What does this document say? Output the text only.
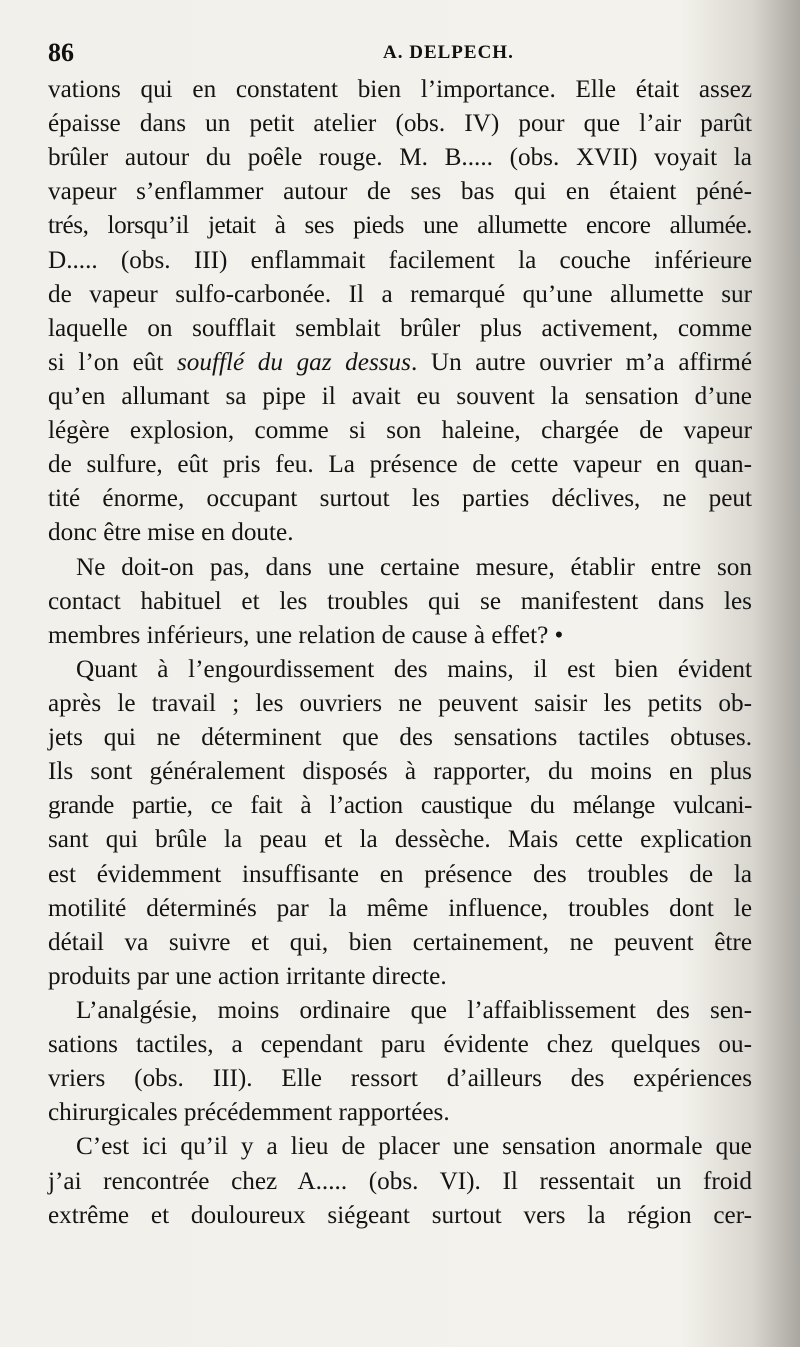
86	A. DELPECH.
vations qui en constatent bien l’importance. Elle était assez
épaisse dans un petit atelier (obs. IV) pour que l’air parût
brûler autour du poêle rouge. M. B..... (obs. XVII) voyait la
vapeur s’enflammer autour de ses bas qui en étaient péné-
trés, lorsqu’il jetait à ses pieds une allumette encore allumée.
D..... (obs. III) enflammait facilement la couche inférieure
de vapeur sulfo-carbonée. Il a remarqué qu’une allumette sur
laquelle on soufflait semblait brûler plus activement, comme
si l’on eût soufflé du gaz dessus. Un autre ouvrier m’a affirmé
qu’en allumant sa pipe il avait eu souvent la sensation d’une
légère explosion, comme si son haleine, chargée de vapeur
de sulfure, eût pris feu. La présence de cette vapeur en quan-
tité énorme, occupant surtout les parties déclives, ne peut
donc être mise en doute.
Ne doit-on pas, dans une certaine mesure, établir entre son
contact habituel et les troubles qui se manifestent dans les
membres inférieurs, une relation de cause à effet? •
Quant à l’engourdissement des mains, il est bien évident
après le travail ; les ouvriers ne peuvent saisir les petits ob-
jets qui ne déterminent que des sensations tactiles obtuses.
Ils sont généralement disposés à rapporter, du moins en plus
grande partie, ce fait à l’action caustique du mélange vulcani-
sant qui brûle la peau et la dessèche. Mais cette explication
est évidemment insuffisante en présence des troubles de la
motilité déterminés par la même influence, troubles dont le
détail va suivre et qui, bien certainement, ne peuvent être
produits par une action irritante directe.
L’analgésie, moins ordinaire que l’affaiblissement des sen-
sations tactiles, a cependant paru évidente chez quelques ou-
vriers (obs. III). Elle ressort d’ailleurs des expériences
chirurgicales précédemment rapportées.
C’est ici qu’il y a lieu de placer une sensation anormale que
j’ai rencontrée chez A..... (obs. VI). Il ressentait un froid
extrême et douloureux siégeant surtout vers la région cer-
